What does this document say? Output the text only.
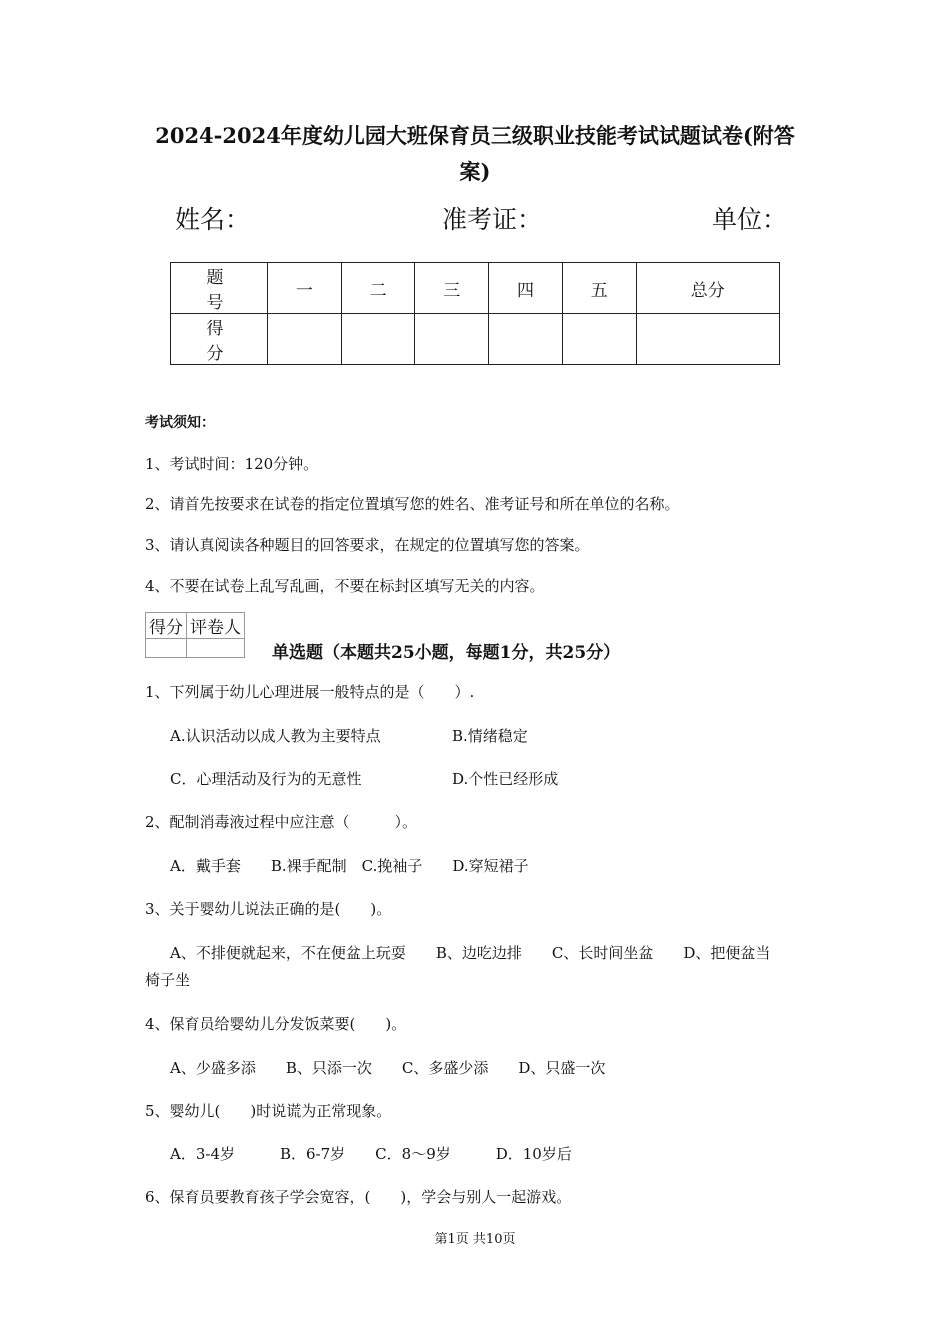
2024-2024年度幼儿园大班保育员三级职业技能考试试题试卷(附答
案)
姓名：	准考证：	单位：
题　号	一	二	三	四	五	总分
得　分						
考试须知：
1、考试时间：120分钟。
2、请首先按要求在试卷的指定位置填写您的姓名、准考证号和所在单位的名称。
3、请认真阅读各种题目的回答要求，在规定的位置填写您的答案。
4、不要在试卷上乱写乱画，不要在标封区填写无关的内容。
得分	评卷人

单选题（本题共25小题，每题1分，共25分）
1、下列属于幼儿心理进展一般特点的是（　　）.
A.认识活动以成人教为主要特点	B.情绪稳定
C．心理活动及行为的无意性	D.个性已经形成
2、配制消毒液过程中应注意（　　　）。
A．戴手套　　B.裸手配制　C.挽袖子　　D.穿短裙子
3、关于婴幼儿说法正确的是(　　)。
A、不排便就起来，不在便盆上玩耍　　B、边吃边排　　C、长时间坐盆　　D、把便盆当
椅子坐
4、保育员给婴幼儿分发饭菜要(　　)。
A、少盛多添　　B、只添一次　　C、多盛少添　　D、只盛一次
5、婴幼儿(　　)时说谎为正常现象。
A．3-4岁　　　B．6-7岁　　C．8～9岁　　　D．10岁后
6、保育员要教育孩子学会宽容，(　　)，学会与别人一起游戏。
第1页 共10页
